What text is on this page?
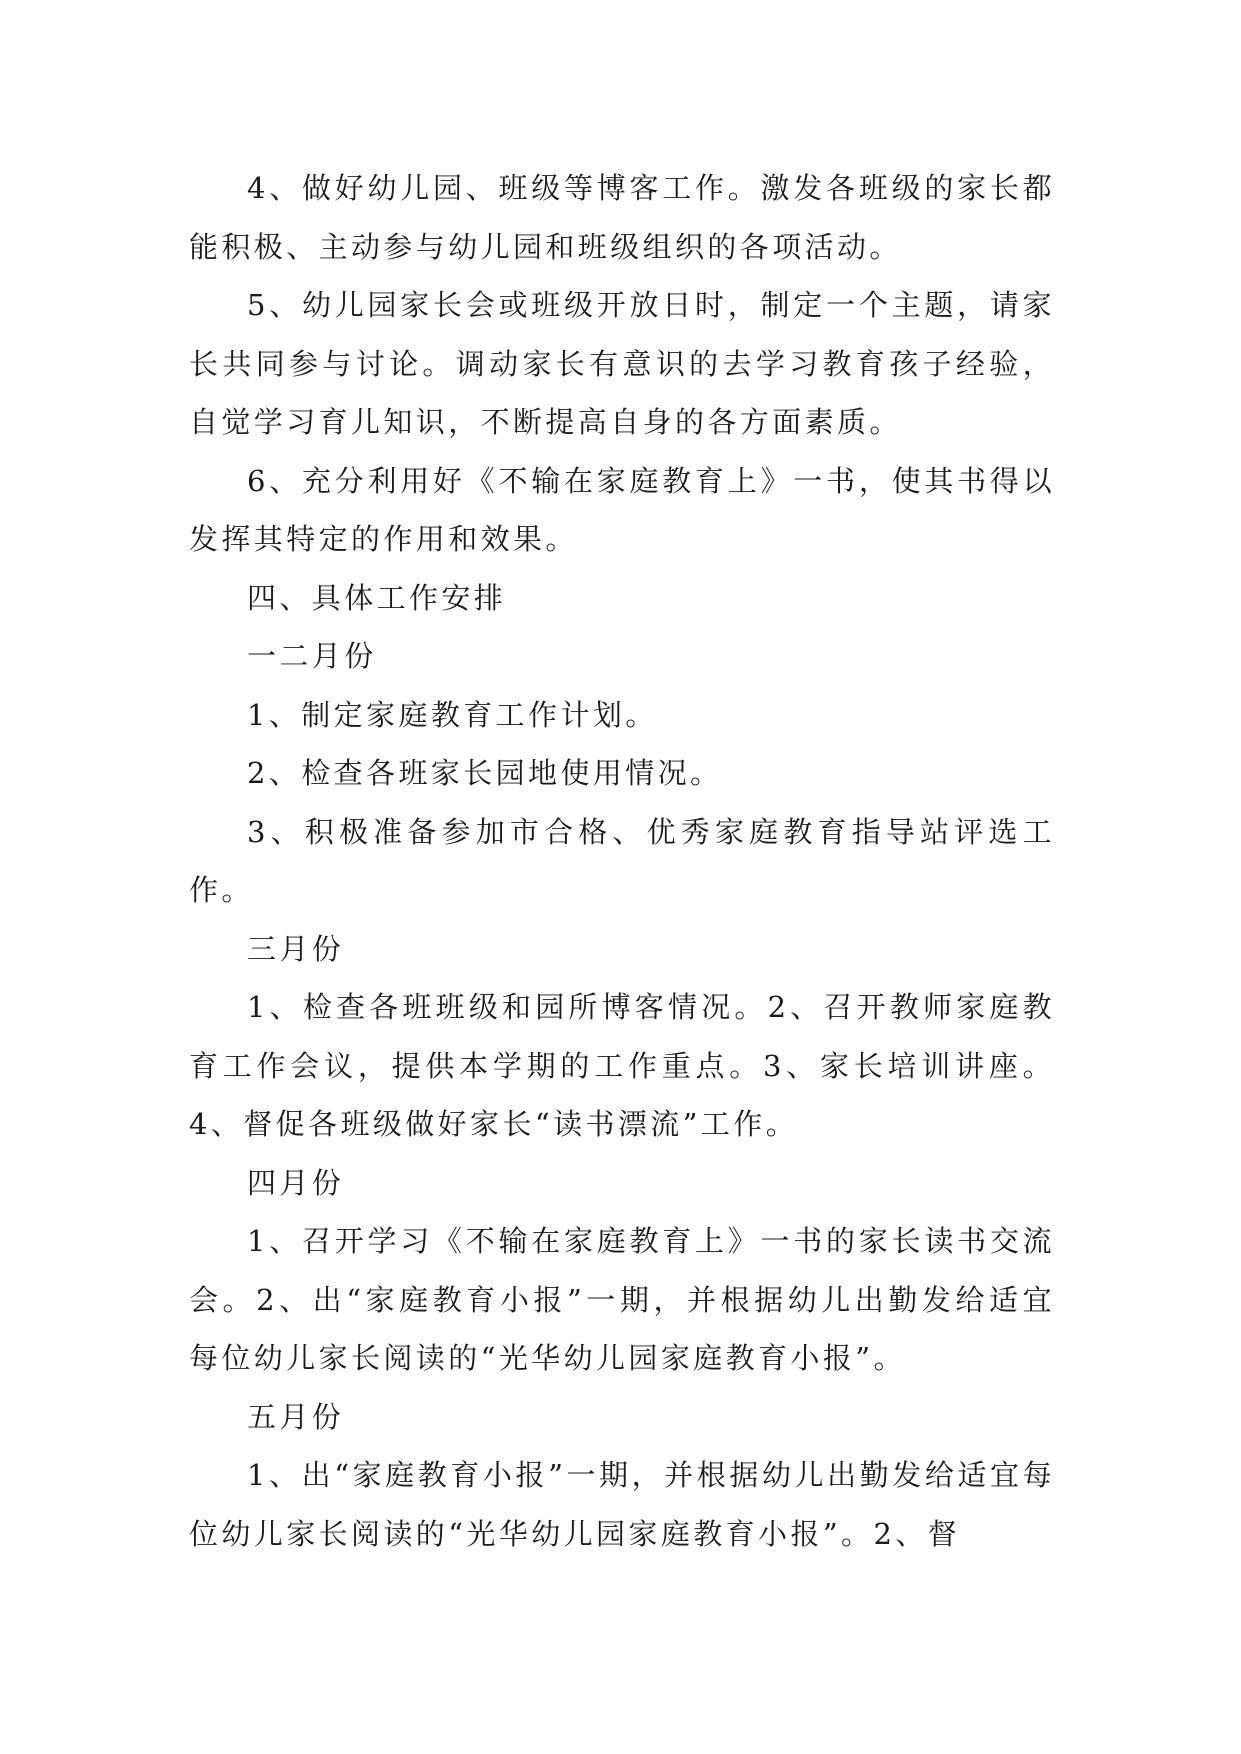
4、做好幼儿园、班级等博客工作。激发各班级的家长都能积极、主动参与幼儿园和班级组织的各项活动。

5、幼儿园家长会或班级开放日时，制定一个主题，请家长共同参与讨论。调动家长有意识的去学习教育孩子经验，自觉学习育儿知识，不断提高自身的各方面素质。

6、充分利用好《不输在家庭教育上》一书，使其书得以发挥其特定的作用和效果。

四、具体工作安排

一二月份

1、制定家庭教育工作计划。

2、检查各班家长园地使用情况。

3、积极准备参加市合格、优秀家庭教育指导站评选工作。

三月份

1、检查各班班级和园所博客情况。2、召开教师家庭教育工作会议，提供本学期的工作重点。3、家长培训讲座。4、督促各班级做好家长“读书漂流”工作。

四月份

1、召开学习《不输在家庭教育上》一书的家长读书交流会。2、出“家庭教育小报”一期，并根据幼儿出勤发给适宜每位幼儿家长阅读的“光华幼儿园家庭教育小报”。

五月份

1、出“家庭教育小报”一期，并根据幼儿出勤发给适宜每位幼儿家长阅读的“光华幼儿园家庭教育小报”。2、督
